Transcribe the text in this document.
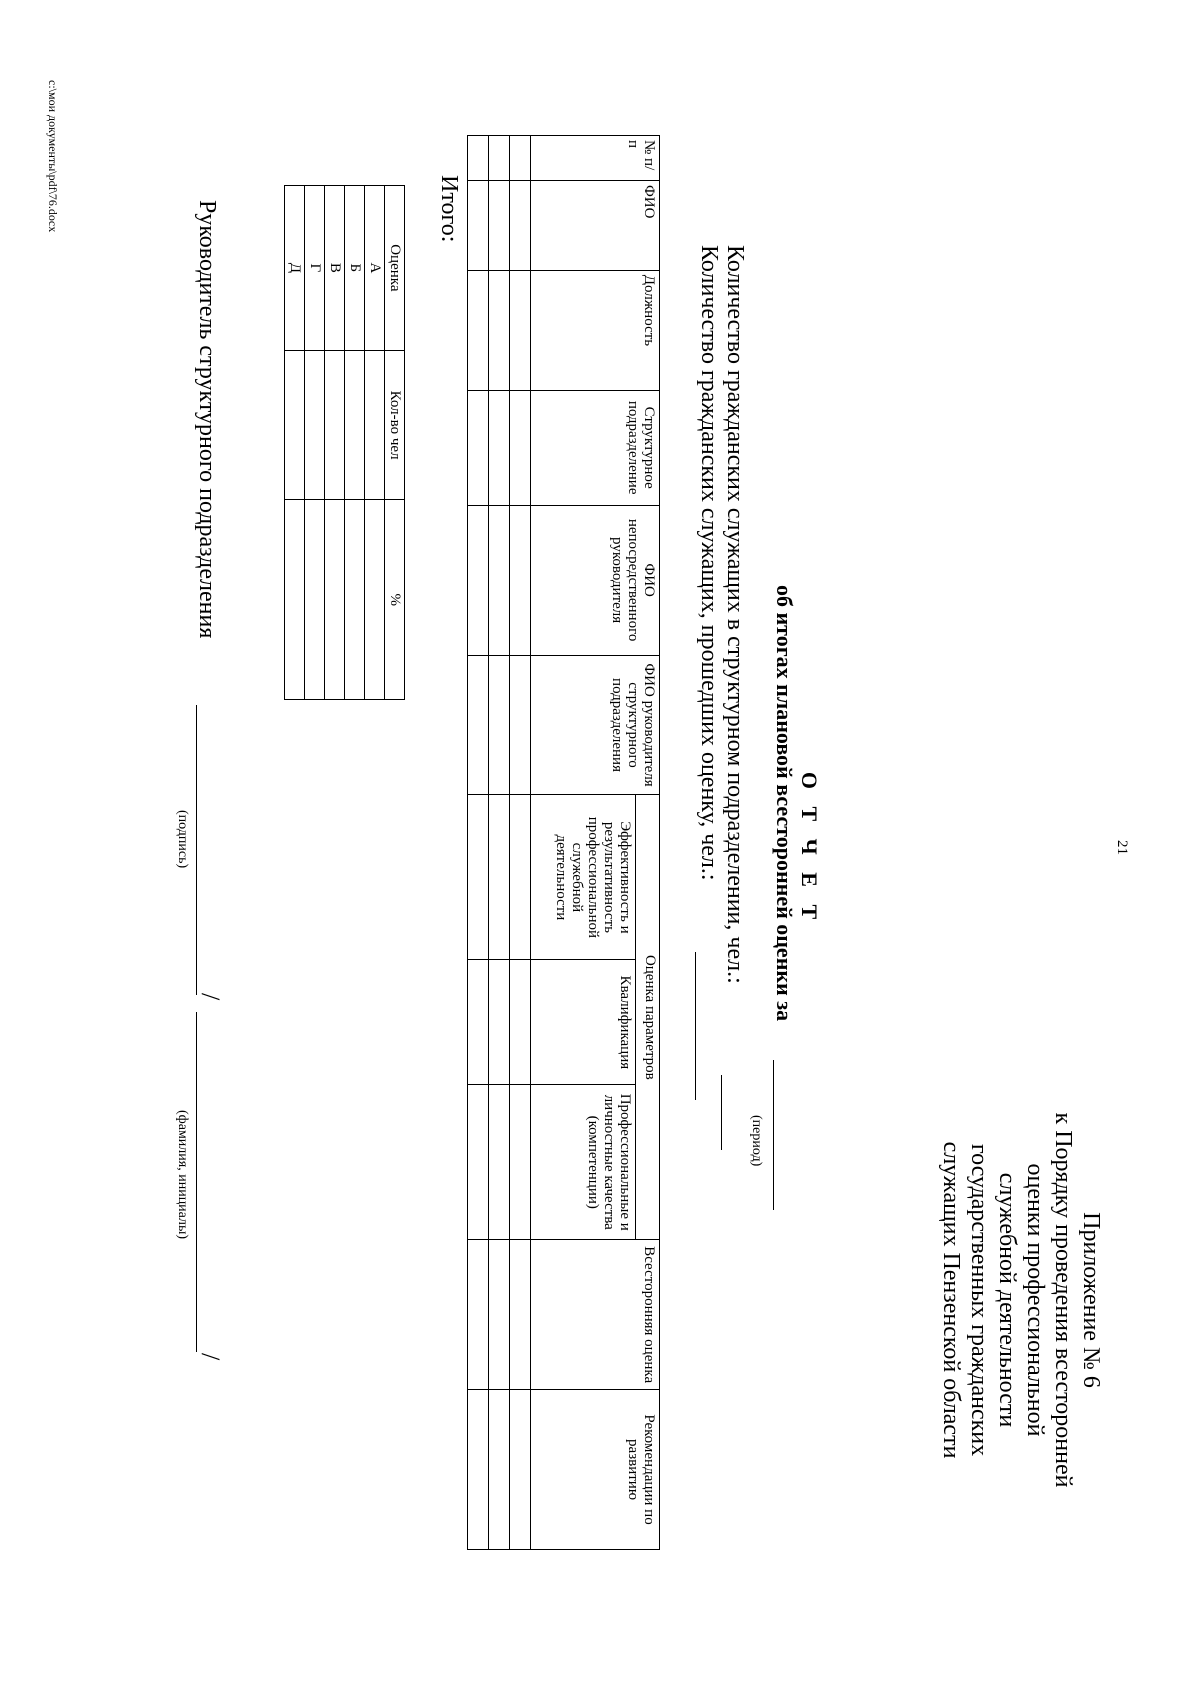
21
Приложение № 6
к Порядку проведения всесторонней
оценки профессиональной
служебной деятельности
государственных гражданских
служащих Пензенской области
О Т Ч Е Т
об итогах плановой всесторонней оценки за
(период)
Количество гражданских служащих в структурном подразделении, чел.:
Количество гражданских служащих, прошедших оценку, чел.:
№ п/п	ФИО	Должность	Структурное подразделение	ФИО непосредственного руководителя	ФИО руководителя структурного подразделения	Оценка параметров			Всесторонняя оценка	Рекомендации по развитию
						Эффективность и результативность профессиональной служебной деятельности	Квалификация	Профессиональные и личностные качества (компетенции)		

Итого:
Оценка	Кол-во чел	%
А		
Б		
В		
Г		
Д		
Руководитель структурного подразделения
/
/
(подпись)
(фамилия, инициалы)
c:\мои документы\pdf\76.docx
